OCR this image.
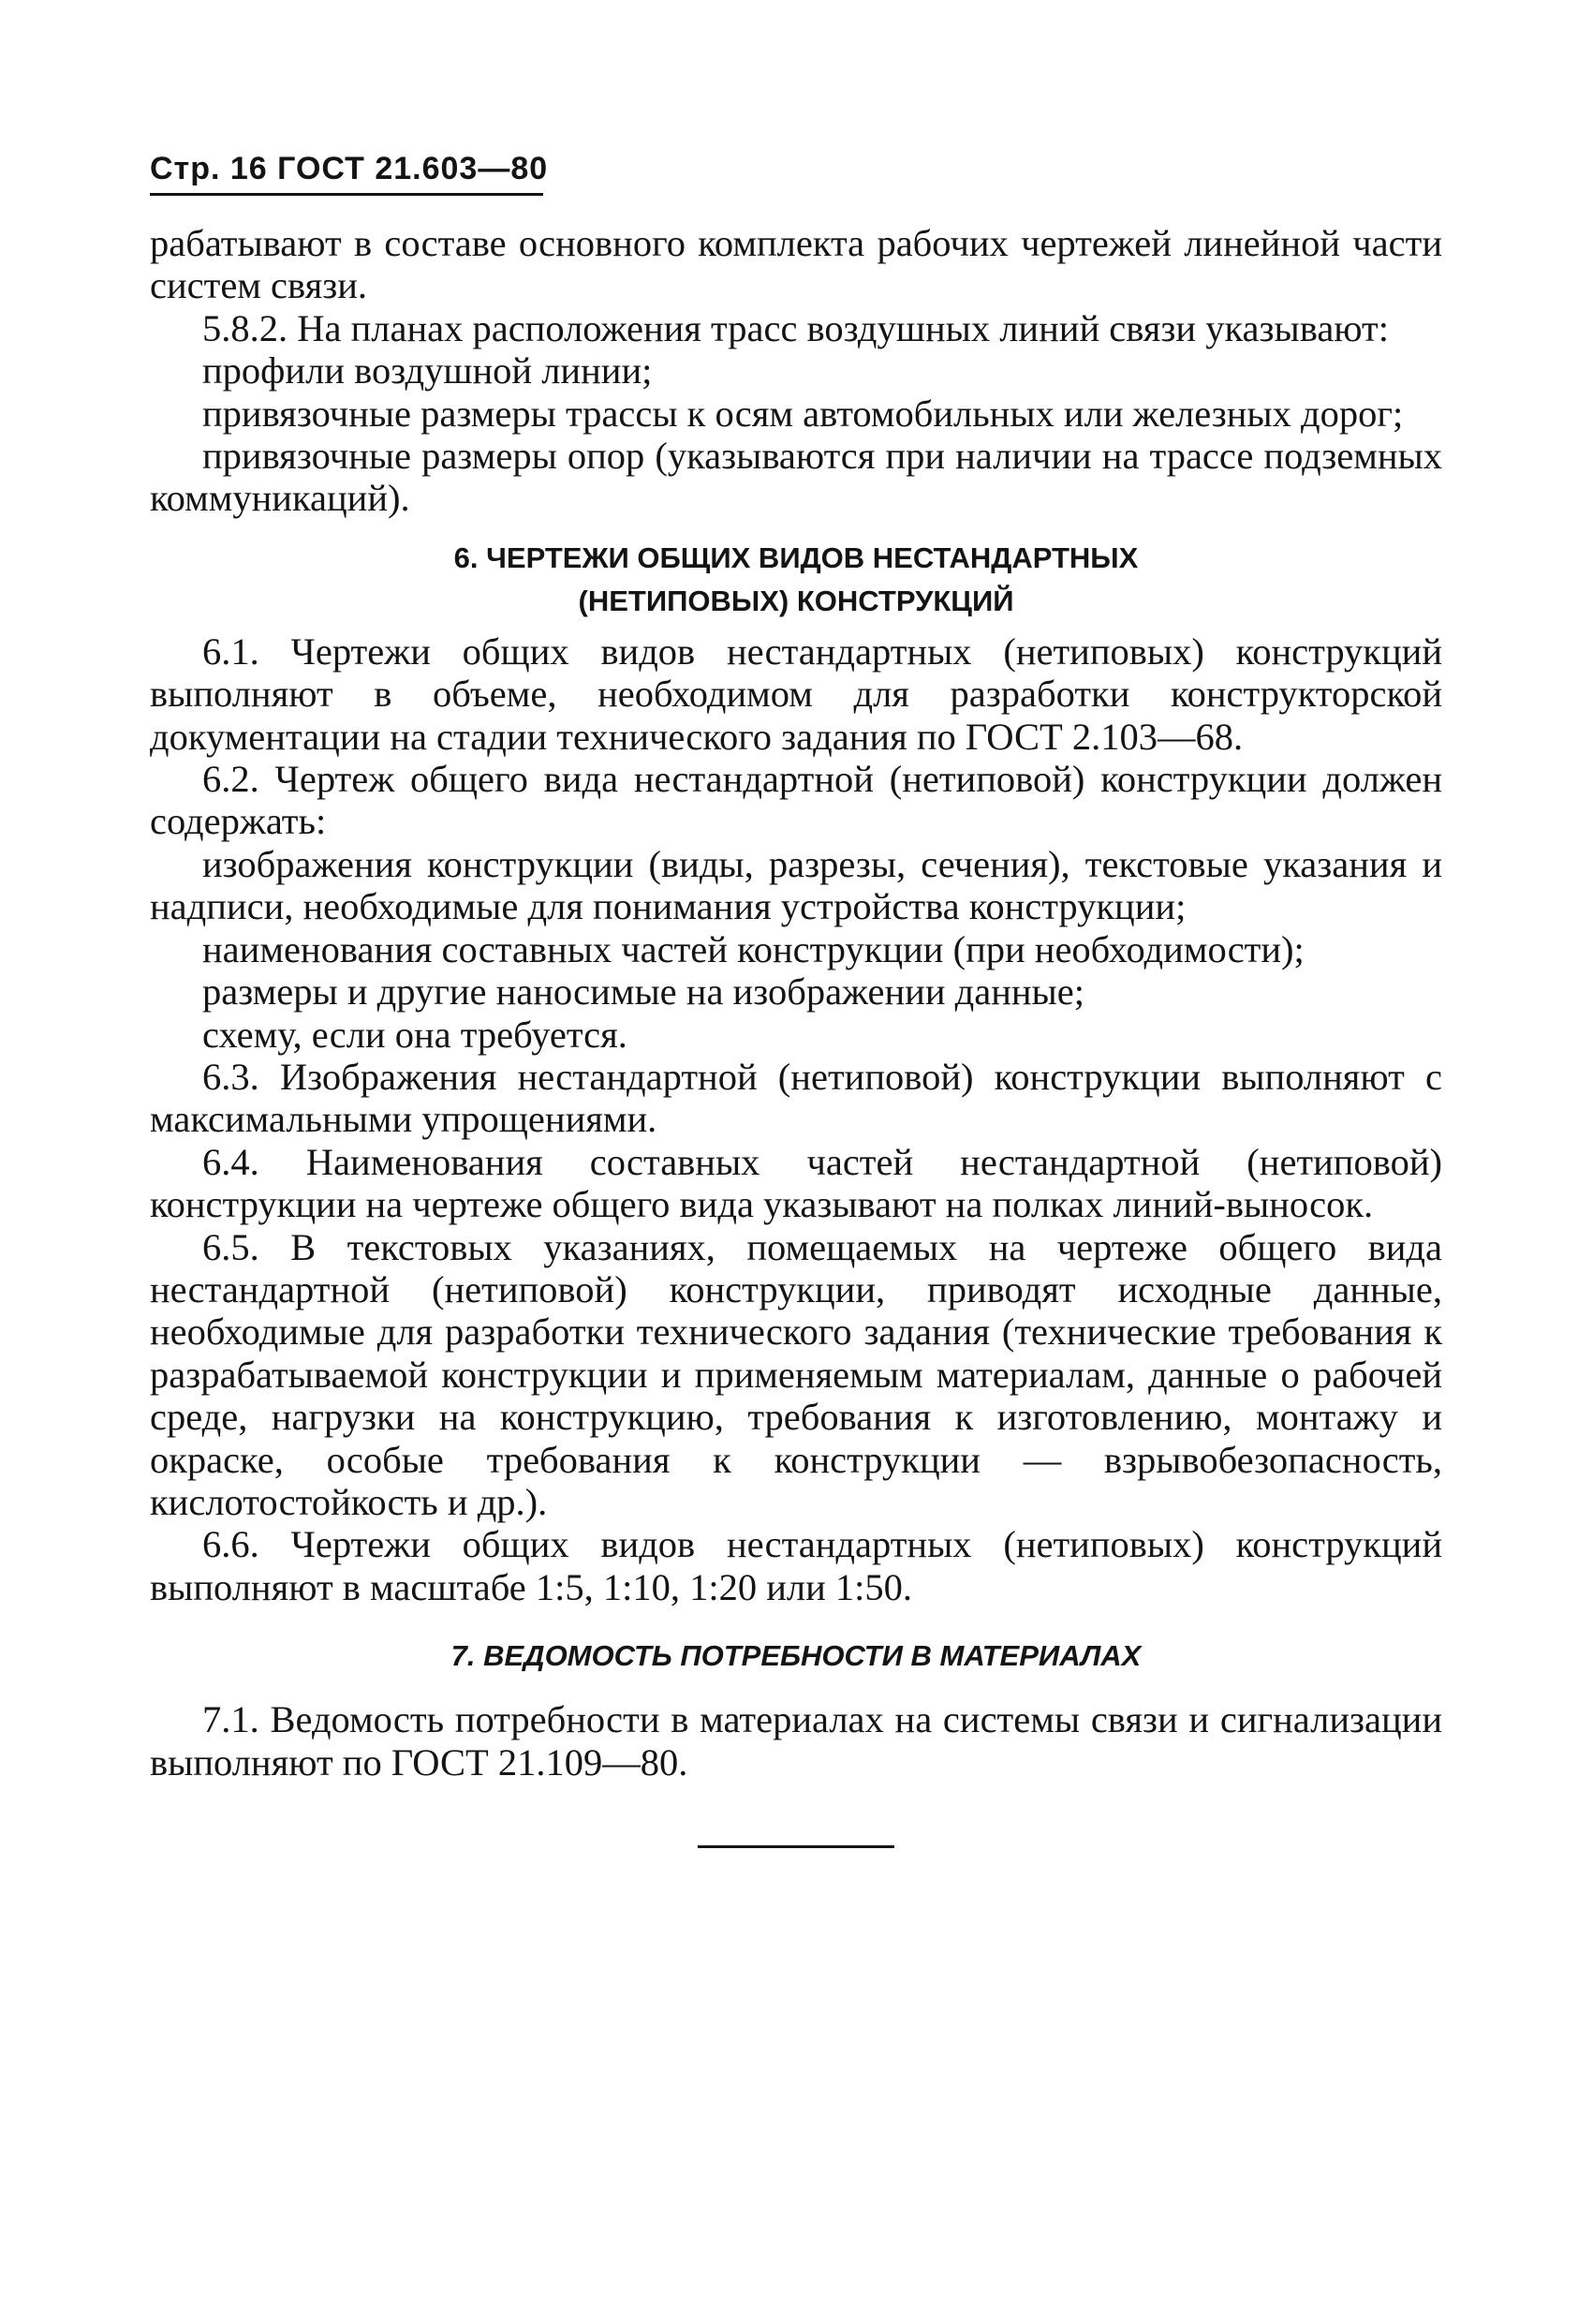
Стр. 16 ГОСТ 21.603—80

рабатывают в составе основного комплекта рабочих чертежей линейной части систем связи.

5.8.2. На планах расположения трасс воздушных линий связи указывают:

профили воздушной линии;

привязочные размеры трассы к осям автомобильных или железных дорог;

привязочные размеры опор (указываются при наличии на трассе подземных коммуникаций).

6. ЧЕРТЕЖИ ОБЩИХ ВИДОВ НЕСТАНДАРТНЫХ
(НЕТИПОВЫХ) КОНСТРУКЦИЙ

6.1. Чертежи общих видов нестандартных (нетиповых) конструкций выполняют в объеме, необходимом для разработки конструкторской документации на стадии технического задания по ГОСТ 2.103—68.

6.2. Чертеж общего вида нестандартной (нетиповой) конструкции должен содержать:

изображения конструкции (виды, разрезы, сечения), текстовые указания и надписи, необходимые для понимания устройства конструкции;

наименования составных частей конструкции (при необходимости);

размеры и другие наносимые на изображении данные;

схему, если она требуется.

6.3. Изображения нестандартной (нетиповой) конструкции выполняют с максимальными упрощениями.

6.4. Наименования составных частей нестандартной (нетиповой) конструкции на чертеже общего вида указывают на полках линий-выносок.

6.5. В текстовых указаниях, помещаемых на чертеже общего вида нестандартной (нетиповой) конструкции, приводят исходные данные, необходимые для разработки технического задания (технические требования к разрабатываемой конструкции и применяемым материалам, данные о рабочей среде, нагрузки на конструкцию, требования к изготовлению, монтажу и окраске, особые требования к конструкции — взрывобезопасность, кислотостойкость и др.).

6.6. Чертежи общих видов нестандартных (нетиповых) конструкций выполняют в масштабе 1:5, 1:10, 1:20 или 1:50.

7. ВЕДОМОСТЬ ПОТРЕБНОСТИ В МАТЕРИАЛАХ

7.1. Ведомость потребности в материалах на системы связи и сигнализации выполняют по ГОСТ 21.109—80.
